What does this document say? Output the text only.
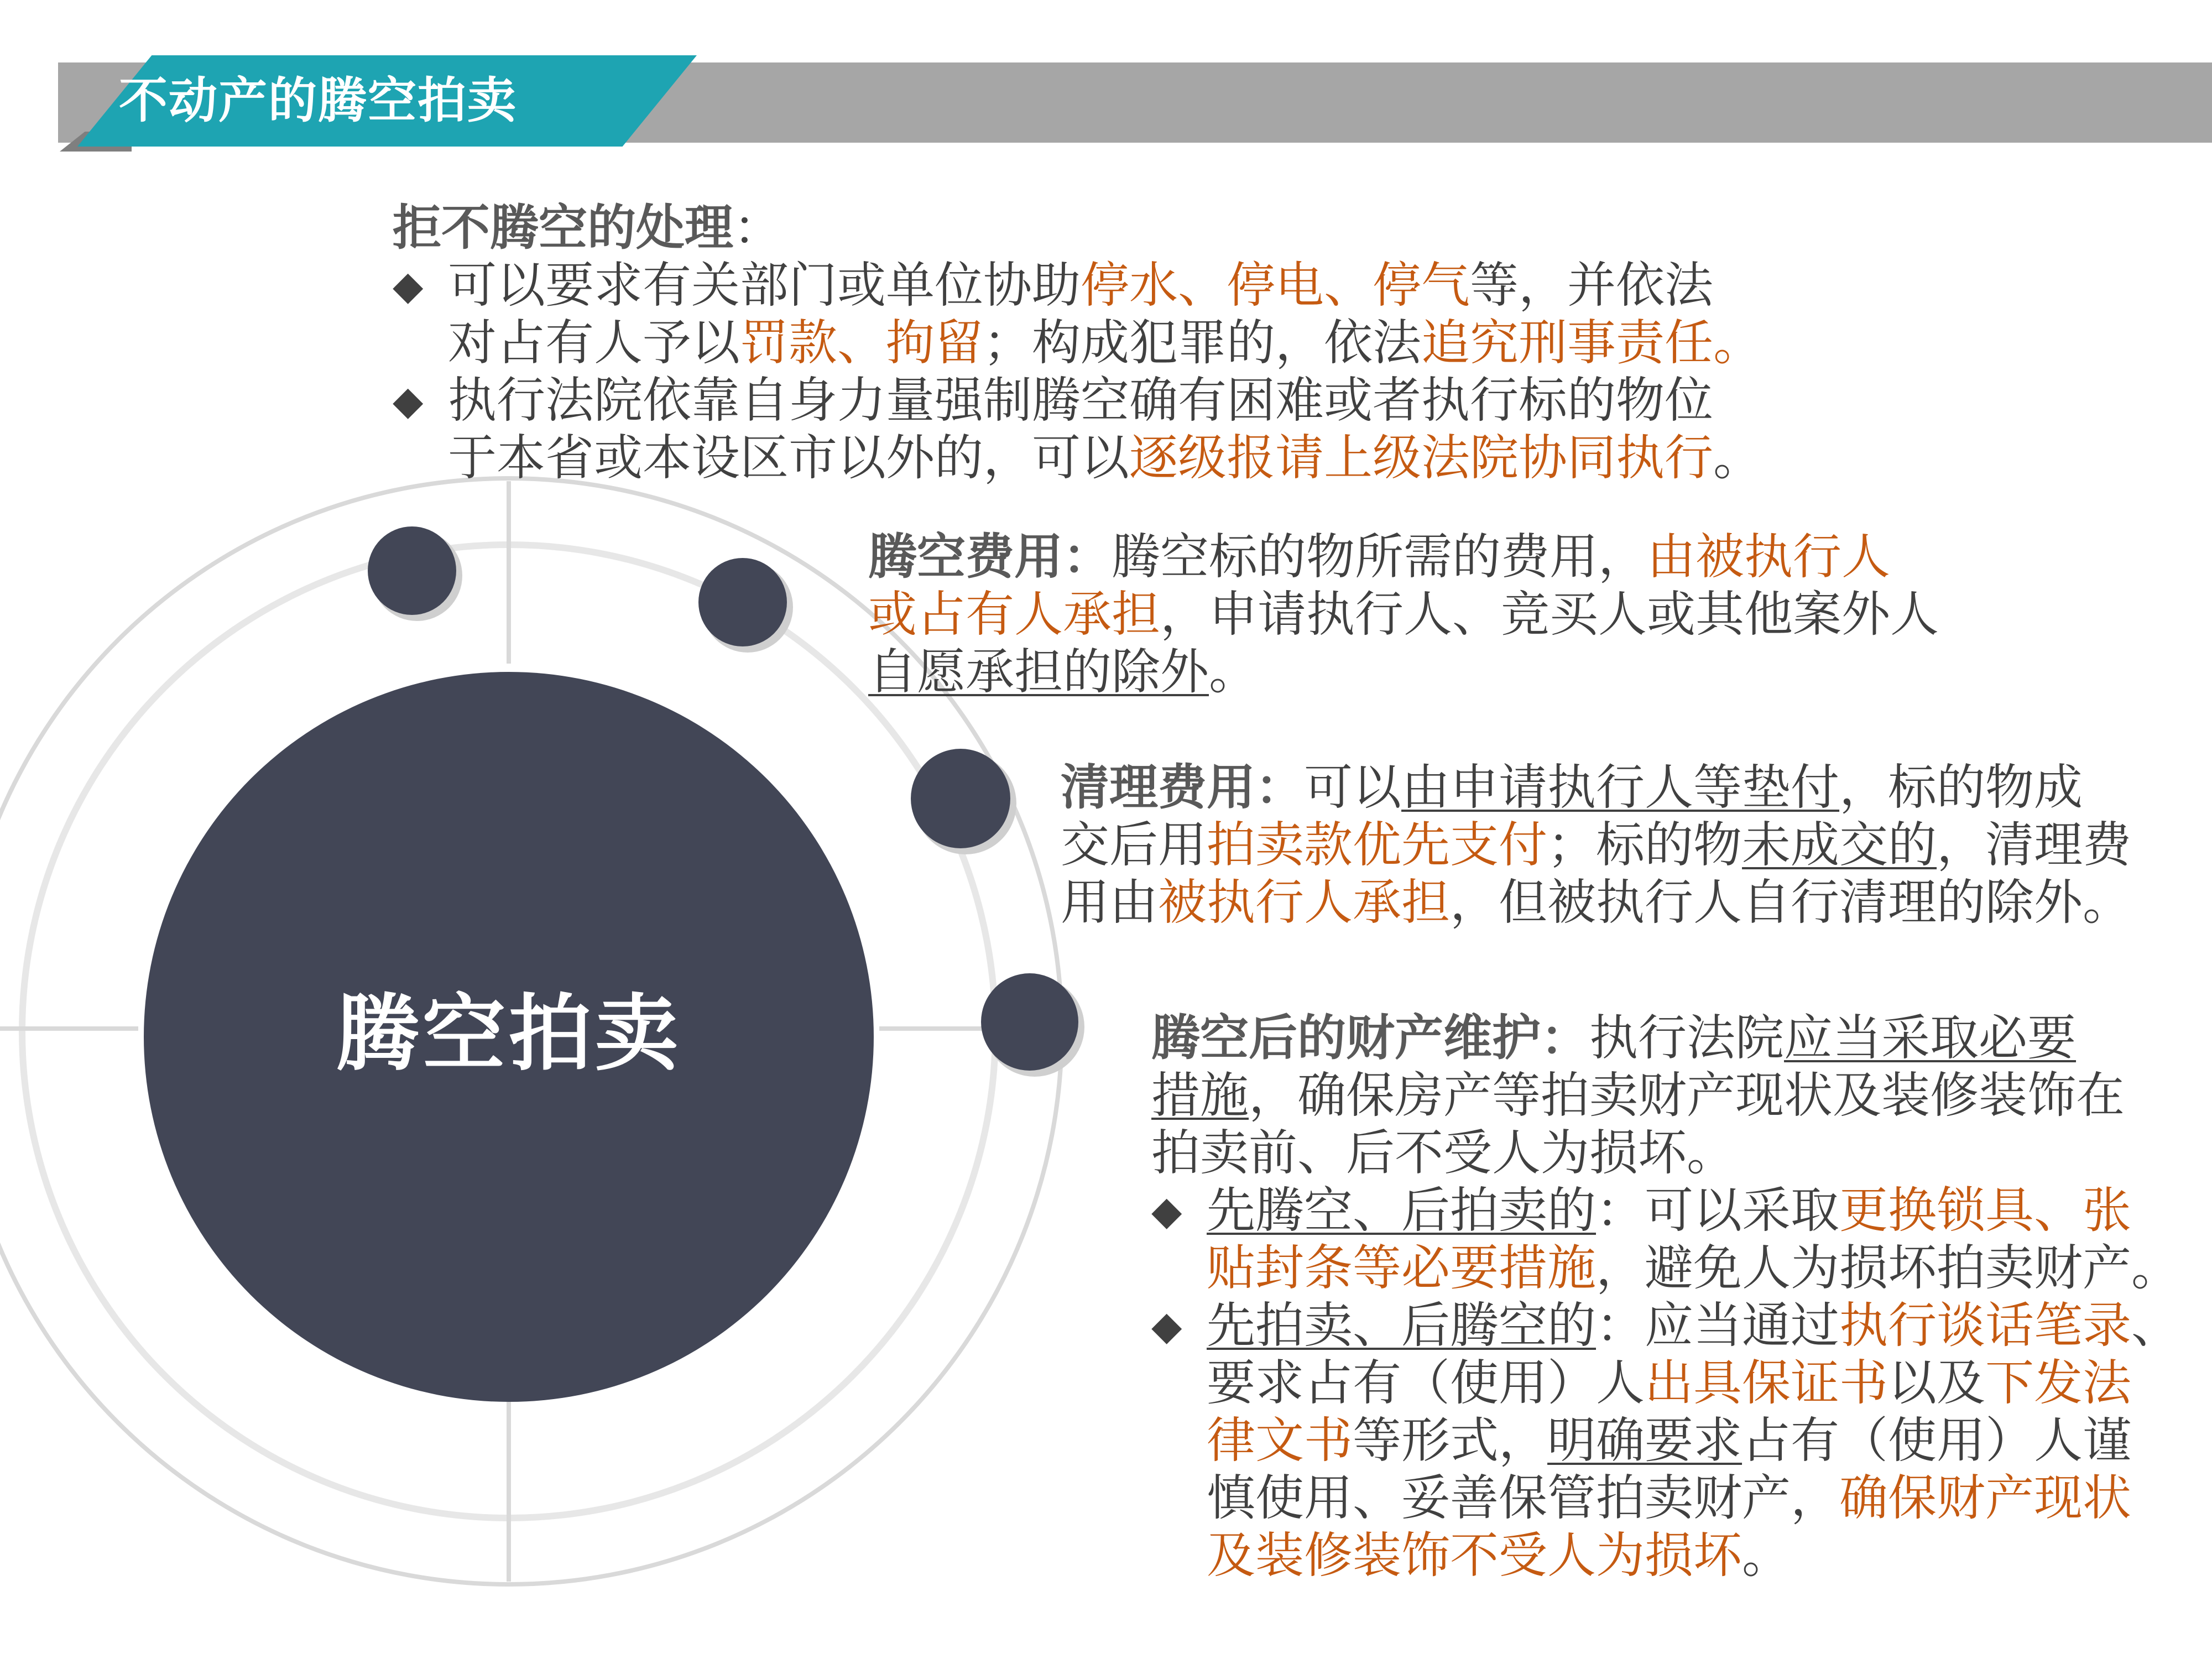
不动产的腾空拍卖
腾空拍卖

拒不腾空的处理：

◆ 可以要求有关部门或单位协助停水、停电、停气等，并依法

对占有人予以罚款、拘留；构成犯罪的，依法追究刑事责任。

◆ 执行法院依靠自身力量强制腾空确有困难或者执行标的物位

于本省或本设区市以外的，可以逐级报请上级法院协同执行。

腾空费用：腾空标的物所需的费用，由被执行人

或占有人承担，申请执行人、竞买人或其他案外人

自愿承担的除外。

清理费用：可以由申请执行人等垫付，标的物成

交后用拍卖款优先支付；标的物未成交的，清理费

用由被执行人承担，但被执行人自行清理的除外。

腾空后的财产维护：执行法院应当采取必要

措施，确保房产等拍卖财产现状及装修装饰在

拍卖前、后不受人为损坏。

◆ 先腾空、后拍卖的：可以采取更换锁具、张

贴封条等必要措施，避免人为损坏拍卖财产。

◆ 先拍卖、后腾空的：应当通过执行谈话笔录、

要求占有（使用）人出具保证书以及下发法

律文书等形式，明确要求占有（使用）人谨

慎使用、妥善保管拍卖财产，确保财产现状

及装修装饰不受人为损坏。
